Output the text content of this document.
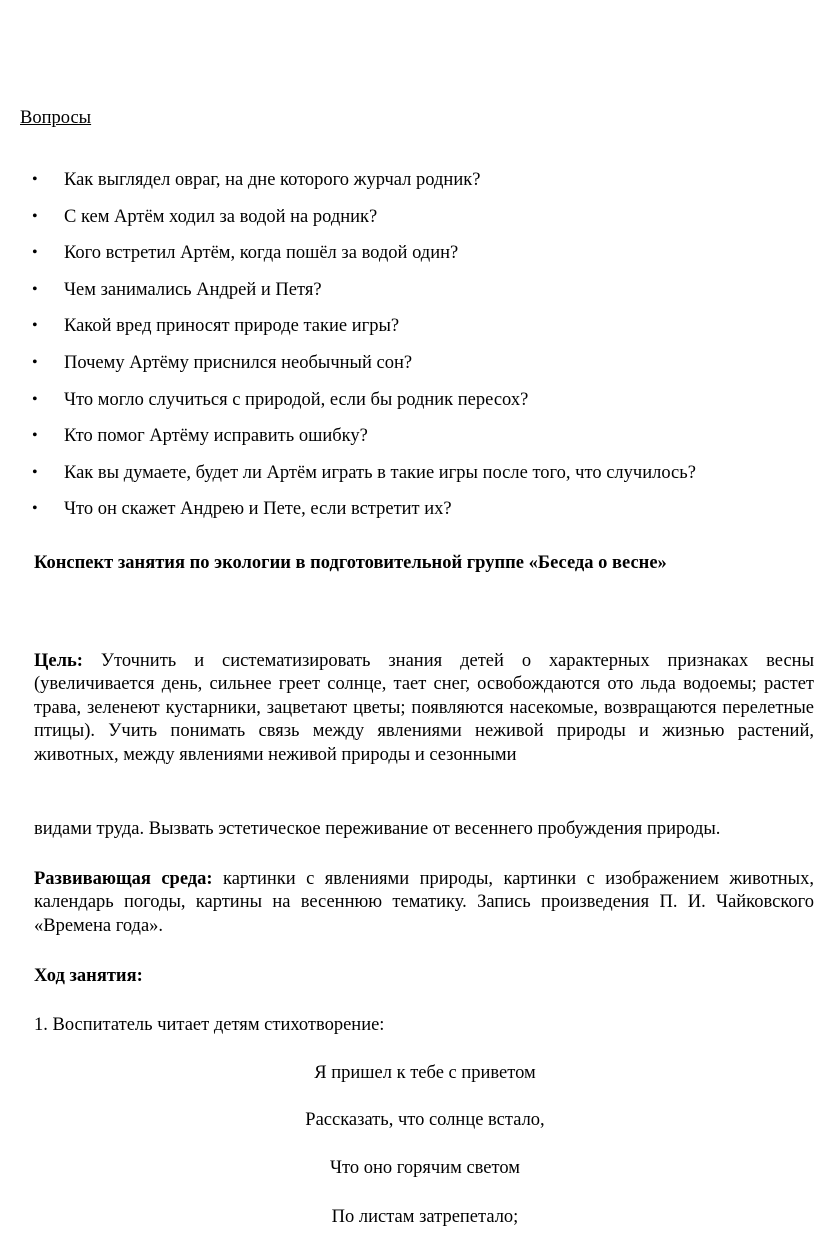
Вопросы
• Как выглядел овраг, на дне которого журчал родник?
• С кем Артём ходил за водой на родник?
• Кого встретил Артём, когда пошёл за водой один?
• Чем занимались Андрей и Петя?
• Какой вред приносят природе такие игры?
• Почему Артёму приснился необычный сон?
• Что могло случиться с природой, если бы родник пересох?
• Кто помог Артёму исправить ошибку?
• Как вы думаете, будет ли Артём играть в такие игры после того, что случилось?
• Что он скажет Андрею и Пете, если встретит их?
Конспект занятия по экологии в подготовительной группе «Беседа о весне»
Цель: Уточнить и систематизировать знания детей о характерных признаках весны (увеличивается день, сильнее греет солнце, тает снег, освобождаются ото льда водоемы; растет трава, зеленеют кустарники, зацветают цветы; появляются насекомые, возвращаются перелетные птицы). Учить понимать связь между явлениями неживой природы и жизнью растений, животных, между явлениями неживой природы и сезонными
видами труда. Вызвать эстетическое переживание от весеннего пробуждения природы.
Развивающая среда: картинки с явлениями природы, картинки с изображением животных, календарь погоды, картины на весеннюю тематику. Запись произведения П. И. Чайковского «Времена года».
Ход занятия:
1. Воспитатель читает детям стихотворение:
Я пришел к тебе с приветом
Рассказать, что солнце встало,
Что оно горячим светом
По листам затрепетало;
